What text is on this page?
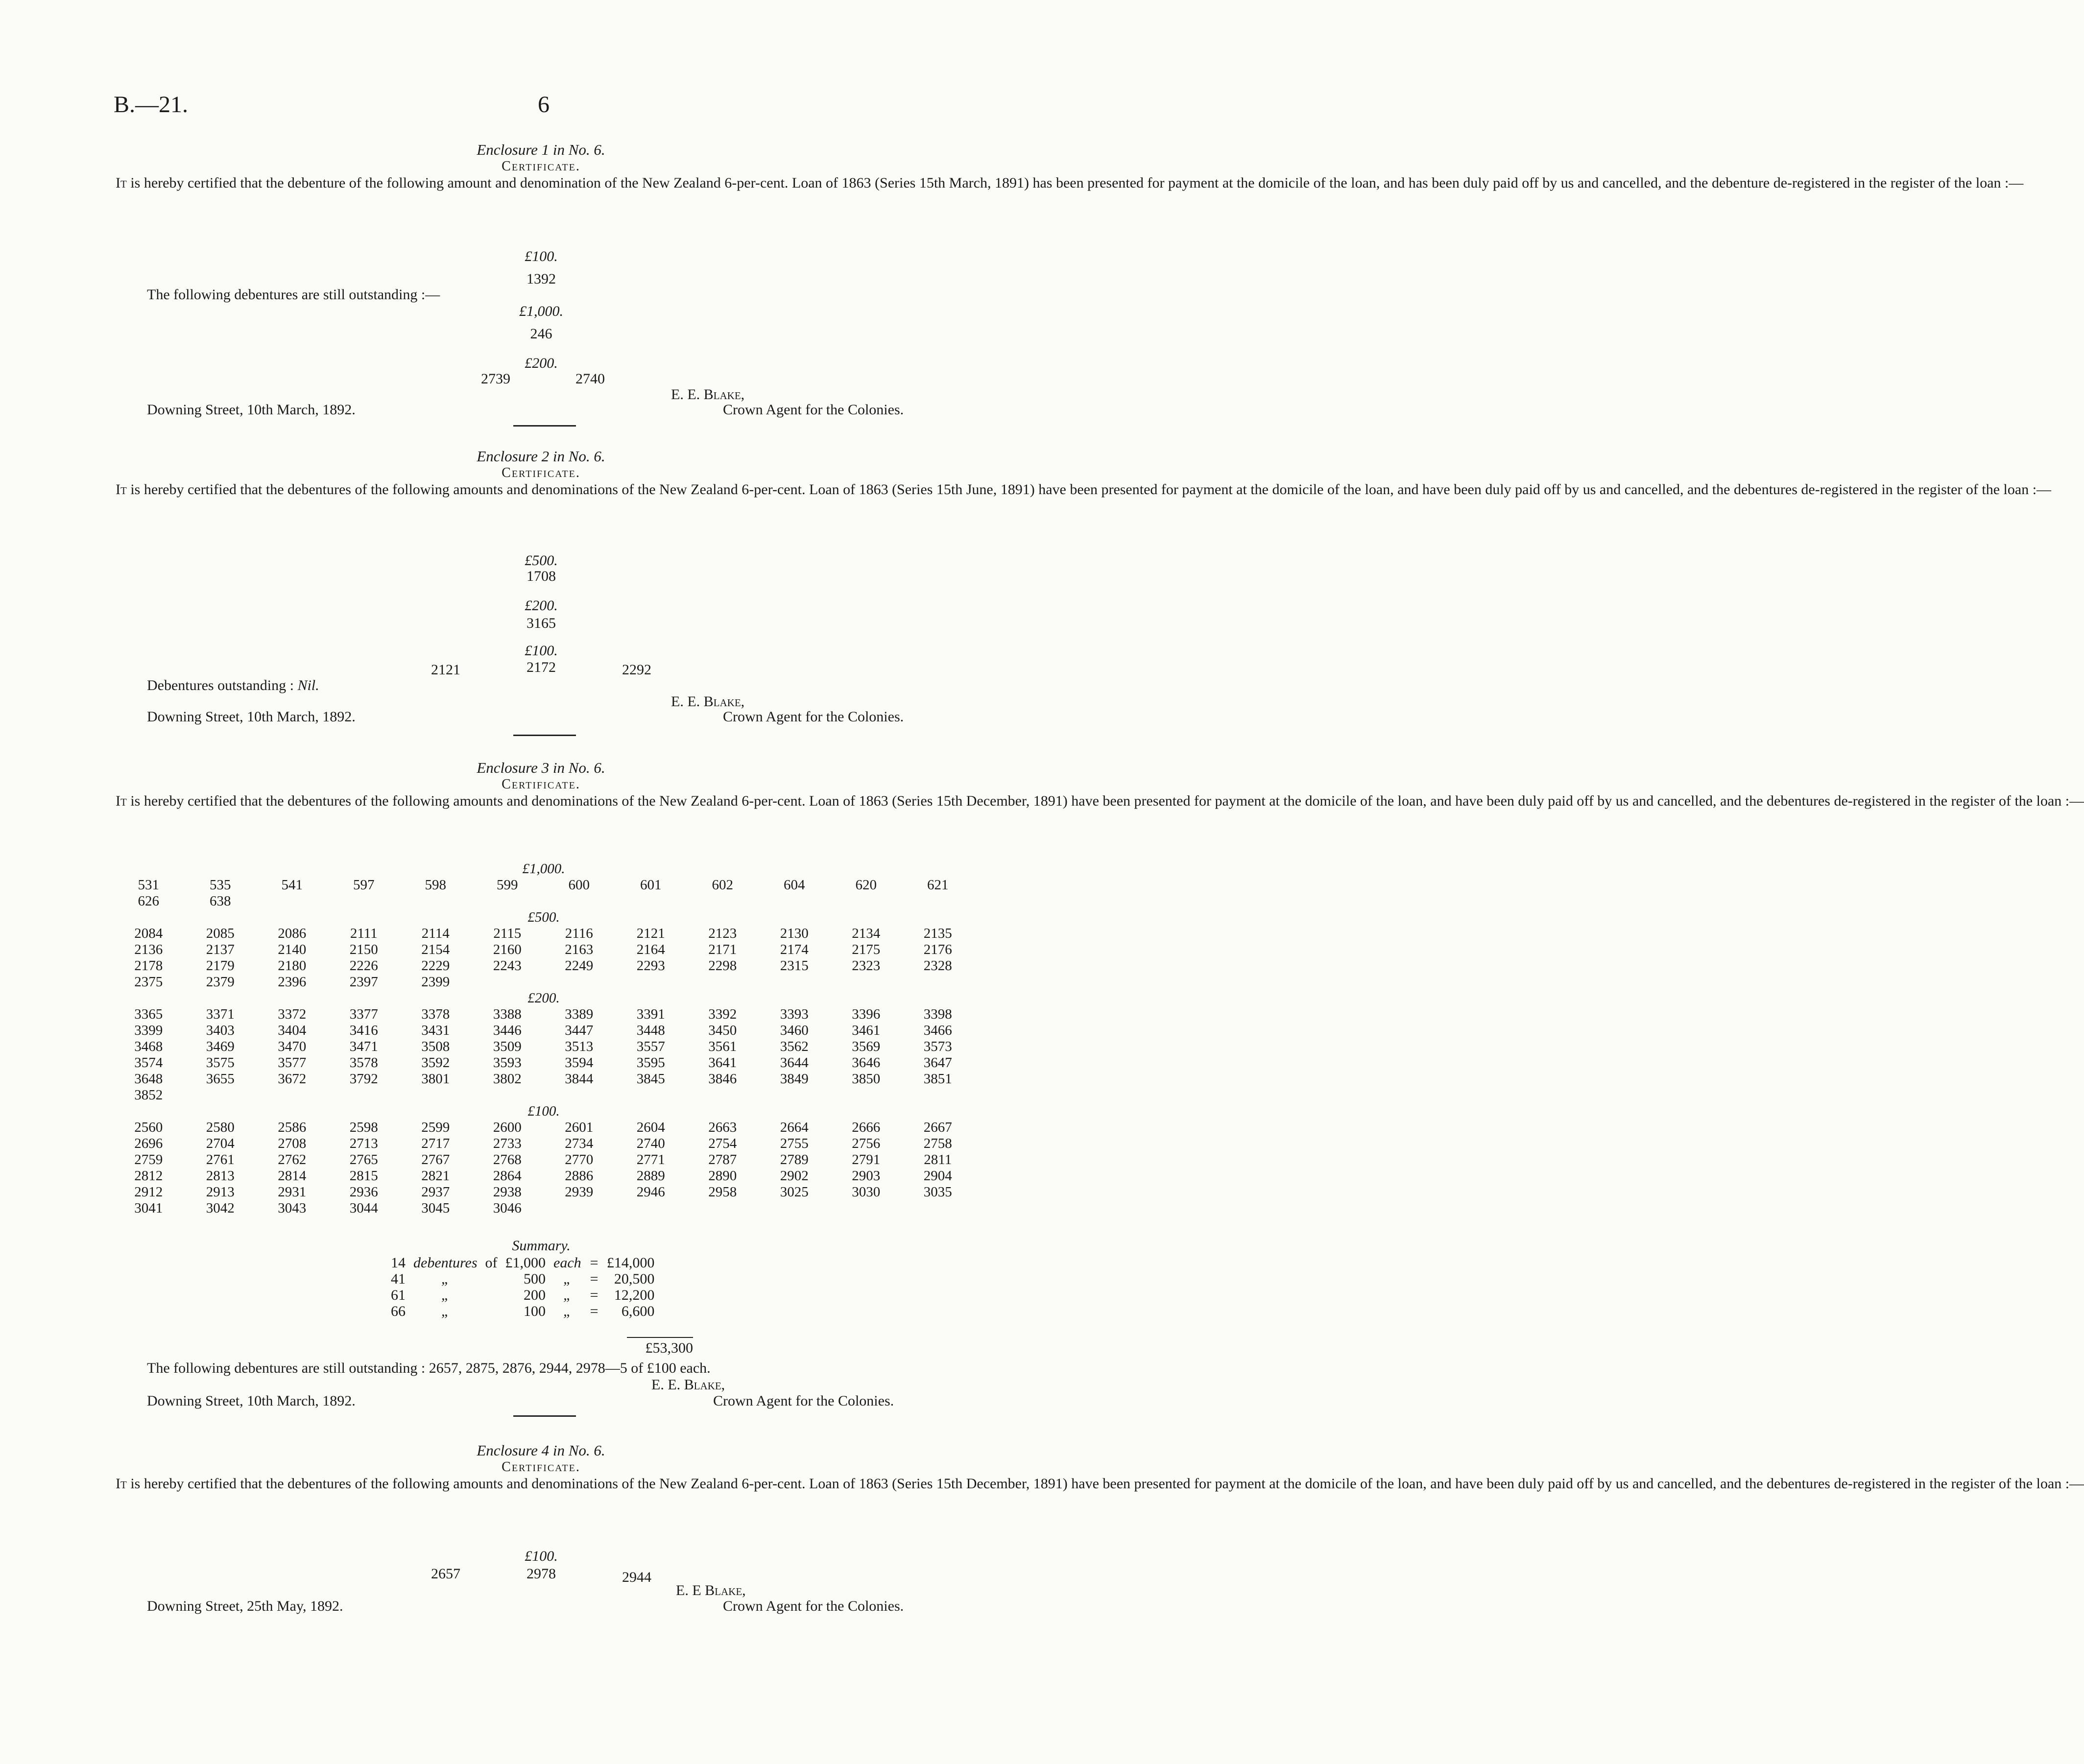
B.—21.	6
Enclosure 1 in No. 6.
Certificate.
It is hereby certified that the debenture of the following amount and denomination of the New Zealand 6-per-cent. Loan of 1863 (Series 15th March, 1891) has been presented for payment at the domicile of the loan, and has been duly paid off by us and cancelled, and the debenture de-registered in the register of the loan :—
£100.
1392
The following debentures are still outstanding :—
£1,000.
246
£200.
2739	2740
Downing Street, 10th March, 1892.
E. E. Blake,
Crown Agent for the Colonies.
Enclosure 2 in No. 6.
Certificate.
It is hereby certified that the debentures of the following amounts and denominations of the New Zealand 6-per-cent. Loan of 1863 (Series 15th June, 1891) have been presented for payment at the domicile of the loan, and have been duly paid off by us and cancelled, and the debentures de-registered in the register of the loan :—
£500.
1708
£200.
3165
£100.
2121	2172	2292
Debentures outstanding : Nil.
E. E. Blake,
Downing Street, 10th March, 1892.	Crown Agent for the Colonies.
Enclosure 3 in No. 6.
Certificate.
It is hereby certified that the debentures of the following amounts and denominations of the New Zealand 6-per-cent. Loan of 1863 (Series 15th December, 1891) have been presented for payment at the domicile of the loan, and have been duly paid off by us and cancelled, and the debentures de-registered in the register of the loan :—
£1,000.
531	535	541	597	598	599	600	601	602	604	620	621
626	638
£500.
2084	2085	2086	2111	2114	2115	2116	2121	2123	2130	2134	2135
2136	2137	2140	2150	2154	2160	2163	2164	2171	2174	2175	2176
2178	2179	2180	2226	2229	2243	2249	2293	2298	2315	2323	2328
2375	2379	2396	2397	2399
£200.
3365	3371	3372	3377	3378	3388	3389	3391	3392	3393	3396	3398
3399	3403	3404	3416	3431	3446	3447	3448	3450	3460	3461	3466
3468	3469	3470	3471	3508	3509	3513	3557	3561	3562	3569	3573
3574	3575	3577	3578	3592	3593	3594	3595	3641	3644	3646	3647
3648	3655	3672	3792	3801	3802	3844	3845	3846	3849	3850	3851
3852
£100.
2560	2580	2586	2598	2599	2600	2601	2604	2663	2664	2666	2667
2696	2704	2708	2713	2717	2733	2734	2740	2754	2755	2756	2758
2759	2761	2762	2765	2767	2768	2770	2771	2787	2789	2791	2811
2812	2813	2814	2815	2821	2864	2886	2889	2890	2902	2903	2904
2912	2913	2931	2936	2937	2938	2939	2946	2958	3025	3030	3035
3041	3042	3043	3044	3045	3046
Summary.
14	debentures	of	£1,000	each	=	£14,000
41	„		500	„	=	20,500
61	„		200	„	=	12,200
66	„		100	„	=	6,600
£53,300
The following debentures are still outstanding : 2657, 2875, 2876, 2944, 2978—5 of £100 each.
E. E. Blake,
Downing Street, 10th March, 1892.	Crown Agent for the Colonies.
Enclosure 4 in No. 6.
Certificate.
It is hereby certified that the debentures of the following amounts and denominations of the New Zealand 6-per-cent. Loan of 1863 (Series 15th December, 1891) have been presented for payment at the domicile of the loan, and have been duly paid off by us and cancelled, and the debentures de-registered in the register of the loan :—
£100.
2657	2978	2944
E. E Blake,
Downing Street, 25th May, 1892.	Crown Agent for the Colonies.
